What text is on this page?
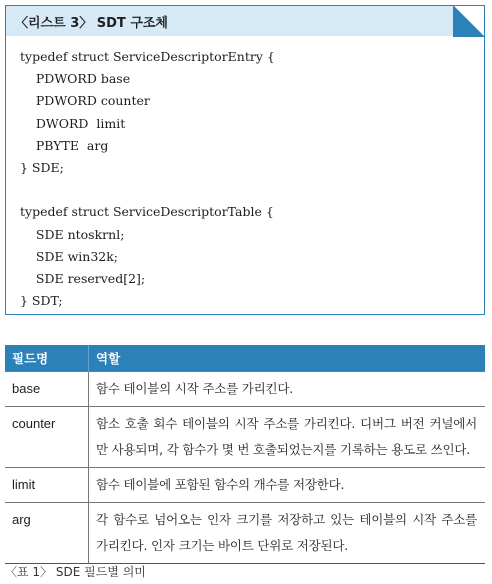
〈리스트 3〉 SDT 구조체
typedef struct ServiceDescriptorEntry {
PDWORD base
PDWORD counter
DWORD  limit
PBYTE  arg
} SDE;
typedef struct ServiceDescriptorTable {
SDE ntoskrnl;
SDE win32k;
SDE reserved[2];
} SDT;
필드명	역할
base	함수 테이블의 시작 주소를 가리킨다.
counter	함소 호출 회수 테이블의 시작 주소를 가리킨다. 디버그 버전 커널에서만 사용되며, 각 함수가 몇 번 호출되었는지를 기록하는 용도로 쓰인다.
limit	함수 테이블에 포함된 함수의 개수를 저장한다.
arg	각 함수로 넘어오는 인자 크기를 저장하고 있는 테이블의 시작 주소를 가리킨다. 인자 크기는 바이트 단위로 저장된다.
〈표 1〉 SDE 필드별 의미
